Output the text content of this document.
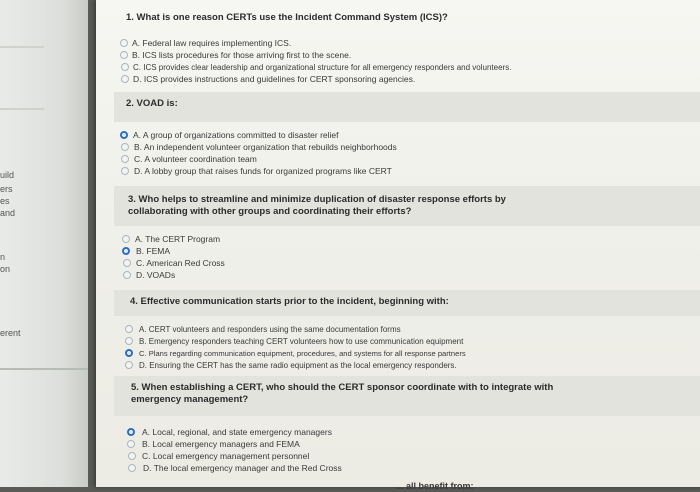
uild
ers
es
and
n
on
erent
1. What is one reason CERTs use the Incident Command System (ICS)?
A. Federal law requires implementing ICS.
B. ICS lists procedures for those arriving first to the scene.
C. ICS provides clear leadership and organizational structure for all emergency responders and volunteers.
D. ICS provides instructions and guidelines for CERT sponsoring agencies.
2. VOAD is:
A. A group of organizations committed to disaster relief
B. An independent volunteer organization that rebuilds neighborhoods
C. A volunteer coordination team
D. A lobby group that raises funds for organized programs like CERT
3. Who helps to streamline and minimize duplication of disaster response efforts by
collaborating with other groups and coordinating their efforts?
A. The CERT Program
B. FEMA
C. American Red Cross
D. VOADs
4. Effective communication starts prior to the incident, beginning with:
A. CERT volunteers and responders using the same documentation forms
B. Emergency responders teaching CERT volunteers how to use communication equipment
C. Plans regarding communication equipment, procedures, and systems for all response partners
D. Ensuring the CERT has the same radio equipment as the local emergency responders.
5. When establishing a CERT, who should the CERT sponsor coordinate with to integrate with
emergency management?
A. Local, regional, and state emergency managers
B. Local emergency managers and FEMA
C. Local emergency management personnel
D. The local emergency manager and the Red Cross
... all benefit from:
